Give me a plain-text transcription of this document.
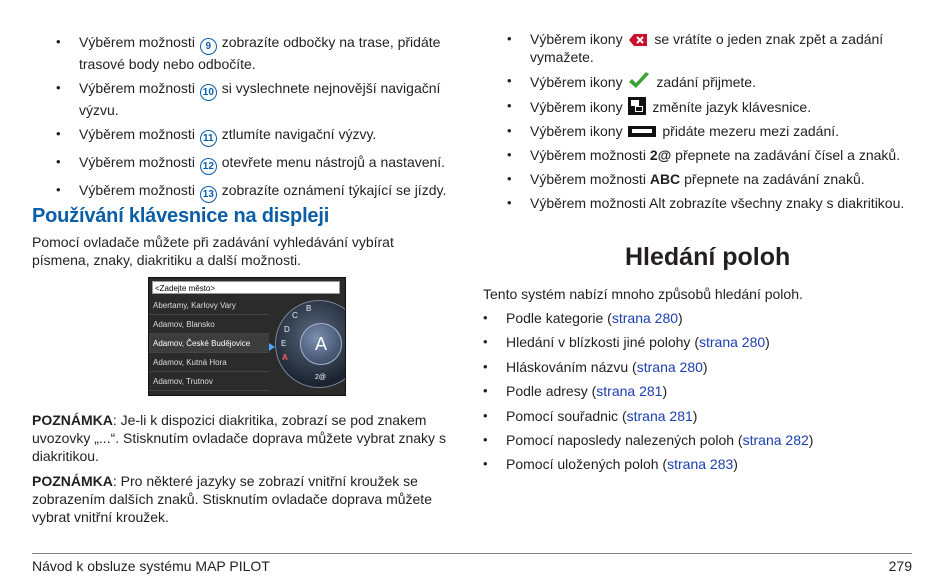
• Výběrem možnosti 9 zobrazíte odbočky na trase, přidáte trasové body nebo odbočíte.
• Výběrem možnosti 10 si vyslechnete nejnovější navigační výzvu.
• Výběrem možnosti 11 ztlumíte navigační výzvy.
• Výběrem možnosti 12 otevřete menu nástrojů a nastavení.
• Výběrem možnosti 13 zobrazíte oznámení týkající se jízdy.
Používání klávesnice na displeji

Pomocí ovladače můžete při zadávání vyhledávání vybírat písmena, znaky, diakritiku a další možnosti.

<Zadejte město>
Abertamy, Karlovy Vary
Adamov, Blansko
Adamov, České Budějovice
Adamov, Kutná Hora
Adamov, Trutnov
B
C
D
E
A
A
2@

POZNÁMKA: Je-li k dispozici diakritika, zobrazí se pod znakem uvozovky „...“. Stisknutím ovladače doprava můžete vybrat znaky s diakritikou.

POZNÁMKA: Pro některé jazyky se zobrazí vnitřní kroužek se zobrazením dalších znaků. Stisknutím ovladače doprava můžete vybrat vnitřní kroužek.

• Výběrem ikony se vrátíte o jeden znak zpět a zadání vymažete.
• Výběrem ikony zadání přijmete.
• Výběrem ikony změníte jazyk klávesnice.
• Výběrem ikony	přidáte mezeru mezi zadání.
• Výběrem možnosti 2@ přepnete na zadávání čísel a znaků.
• Výběrem možnosti ABC přepnete na zadávání znaků.
• Výběrem možnosti Alt zobrazíte všechny znaky s diakritikou.
Hledání poloh

Tento systém nabízí mnoho způsobů hledání poloh.

• Podle kategorie (strana 280)
• Hledání v blízkosti jiné polohy (strana 280)
• Hláskováním názvu (strana 280)
• Podle adresy (strana 281)
• Pomocí souřadnic (strana 281)
• Pomocí naposledy nalezených poloh (strana 282)
• Pomocí uložených poloh (strana 283)
Návod k obsluze systému MAP PILOT	279
